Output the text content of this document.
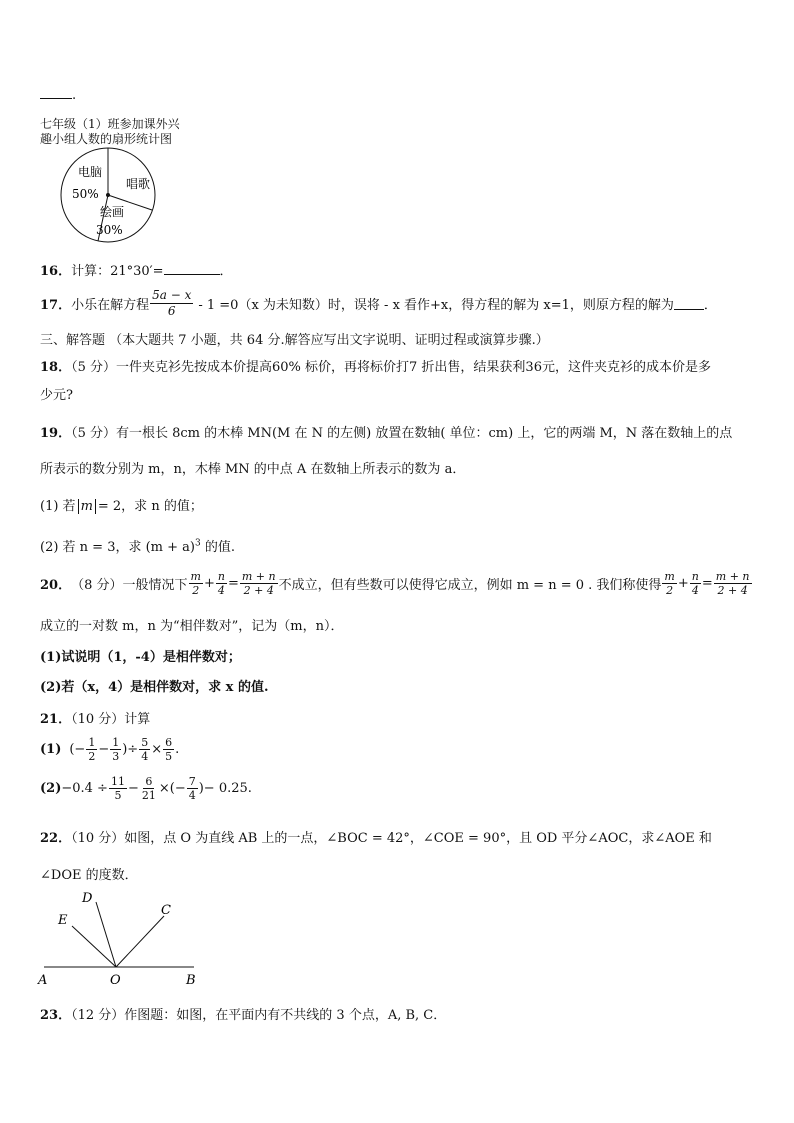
.
七年级（1）班参加课外兴
趣小组人数的扇形统计图
电脑
50%
唱歌
绘画
30%
16．计算：21°30′=	．
17． 小乐在解方程 $\frac{5a - x}{6} - 1 =0(x$ 为未知数）时，误将 - x 看作+x，得方程的解为 x=1，则原方程的解为 ．
三、解答题 （本大题共 7 小题，共 64 分.解答应写出文字说明、证明过程或演算步骤.）
18．（5 分）一件夹克衫先按成本价提高60% 标价，再将标价打7 折出售，结果获利36元，这件夹克衫的成本价是多
少元?
19．（5 分）有一根长 8cm 的木棒 MN(M 在 N 的左侧) 放置在数轴( 单位：cm) 上，它的两端 M，N 落在数轴上的点
所表示的数分别为 m，n，木棒 MN 的中点 A 在数轴上所表示的数为 a．
(1) 若 m = 2，求 n 的值；
(2) 若 n = 3，求 $(m + a)^3$ 的值.
20． （8 分） 一般情况下 $\frac{m}{2} + \frac{n}{4} = \frac{m + n}{2 + 4}$ 不成立，但有些数可以使得它成立，例如 m = n = 0 . 我们称使得 $\frac{m}{2} + \frac{n}{4} = \frac{m + n}{2 + 4}$
成立的一对数 m，n 为“相伴数对”，记为（m，n）．
(1)试说明（1，-4）是相伴数对；
(2)若（x，4）是相伴数对，求 x 的值.
21．（10 分）计算
(1) (− $\frac{1}{2} - \frac{1}{3}$ )÷ $\frac{5}{4} \times \frac{6}{5}$ .
$(2) -0.4 \div \frac{11}{5} - \frac{6}{21}$ ×(− $\frac{7}{4}$ ) − 0.25 .
22．（10 分）如图，点 O 为直线 AB 上的一点，∠BOC = 42°，∠COE = 90°，且 OD 平分∠AOC，求∠AOE 和
∠DOE 的度数．
A	O	B
C
D
E
23．（12 分）作图题：如图，在平面内有不共线的 3 个点，A, B, C．
